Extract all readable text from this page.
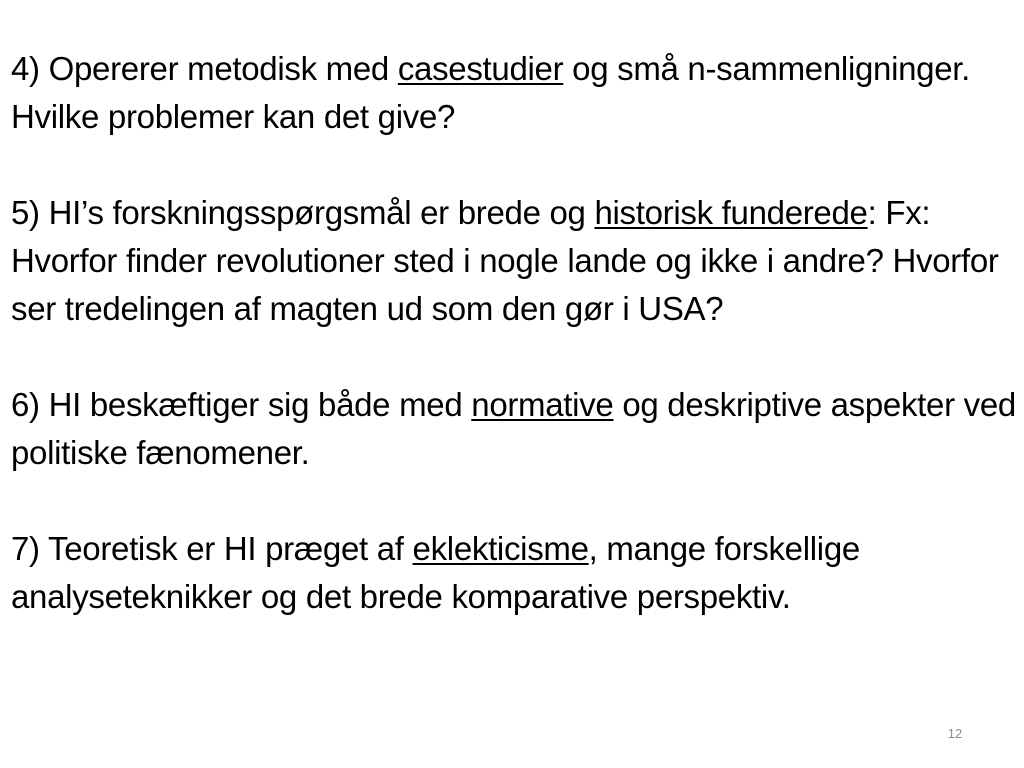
4) Opererer metodisk med casestudier og små n-sammenligninger. Hvilke problemer kan det give?

5) HI’s forskningsspørgsmål er brede og historisk funderede: Fx: Hvorfor finder revolutioner sted i nogle lande og ikke i andre? Hvorfor ser tredelingen af magten ud som den gør i USA?

6) HI beskæftiger sig både med normative og deskriptive aspekter ved politiske fænomener.

7) Teoretisk er HI præget af eklekticisme, mange forskellige analyseteknikker og det brede komparative perspektiv.

12
